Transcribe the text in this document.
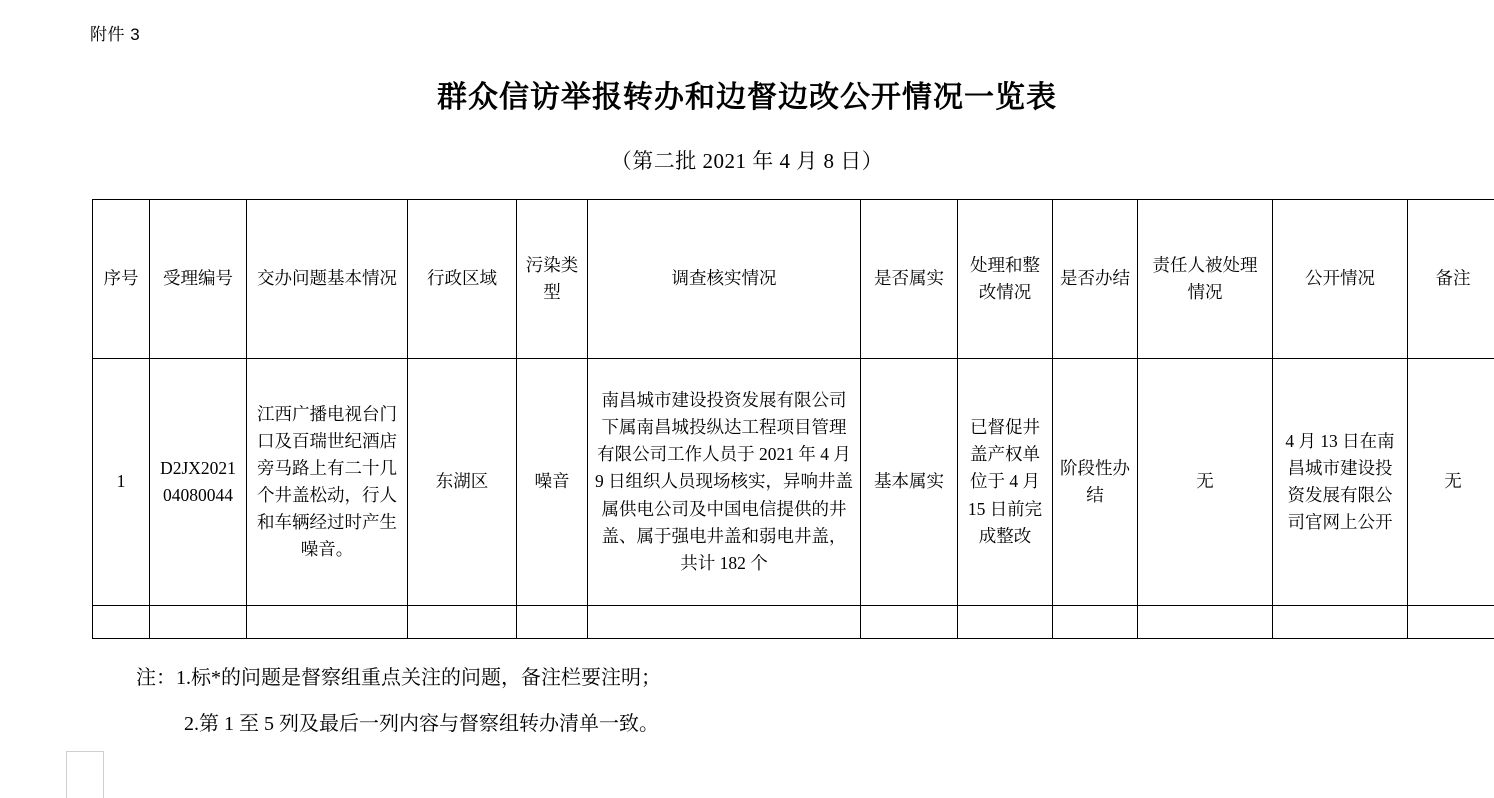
附件 3
群众信访举报转办和边督边改公开情况一览表
（第二批 2021 年 4 月 8 日）
序号	受理编号	交办问题基本情况	行政区域	污染类型	调查核实情况	是否属实	处理和整改情况	是否办结	责任人被处理情况	公开情况	备注
1	D2JX202104080044	江西广播电视台门口及百瑞世纪酒店旁马路上有二十几个井盖松动，行人和车辆经过时产生噪音。	东湖区	噪音	南昌城市建设投资发展有限公司下属南昌城投纵达工程项目管理有限公司工作人员于 2021 年 4 月 9 日组织人员现场核实，异响井盖属供电公司及中国电信提供的井盖、属于强电井盖和弱电井盖，共计 182 个	基本属实	已督促井盖产权单位于 4 月 15 日前完成整改	阶段性办结	无	4 月 13 日在南昌城市建设投资发展有限公司官网上公开	无

注：1.标*的问题是督察组重点关注的问题，备注栏要注明；
2.第 1 至 5 列及最后一列内容与督察组转办清单一致。
